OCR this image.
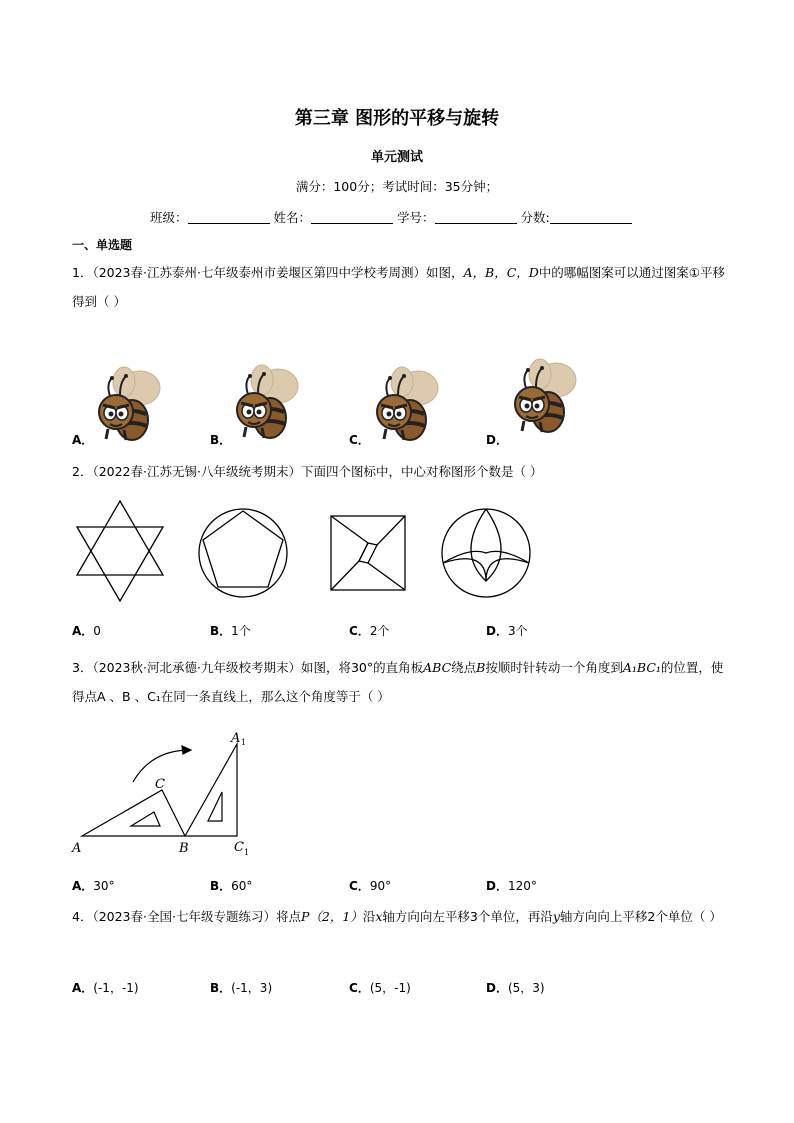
第三章 图形的平移与旋转
单元测试
满分：100分；考试时间：35分钟；
班级：	姓名：	学号：	分数:
一、单选题
1．（2023春·江苏泰州·七年级泰州市姜堰区第四中学校考周测）如图，A，B，C，D中的哪幅图案可以通过图案①平移得到（ ）
A．	B．	C．	D．
2．（2022春·江苏无锡·八年级统考期末）下面四个图标中，中心对称图形个数是（ ）
A．0	B．1个	C．2个	D．3个
3．（2023秋·河北承德·九年级校考期末）如图，将30°的直角板ABC绕点B按顺时针转动一个角度到A₁BC₁的位置，使得点A 、B 、C₁在同一条直线上，那么这个角度等于（ ）
A	B
C
A 1
C 1
A．30°	B．60°	C．90°	D．120°
4．（2023春·全国·七年级专题练习）将点P（2，1）沿x轴方向向左平移3个单位，再沿y轴方向向上平移2个单位（ ）
A．(-1，-1)	B．(-1，3)	C．(5，-1)	D．(5，3)
